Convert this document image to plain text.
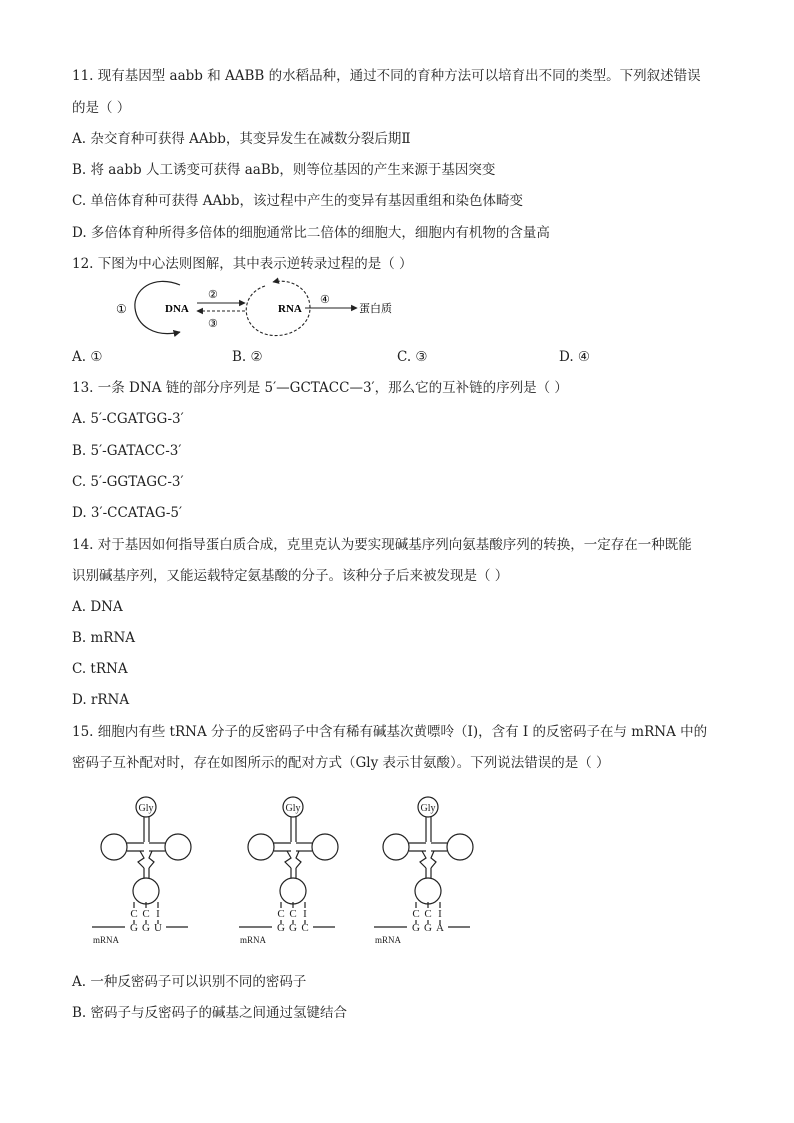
11. 现有基因型 aabb 和 AABB 的水稻品种，通过不同的育种方法可以培育出不同的类型。下列叙述错误
的是（ ）
A. 杂交育种可获得 AAbb，其变异发生在减数分裂后期Ⅱ
B. 将 aabb 人工诱变可获得 aaBb，则等位基因的产生来源于基因突变
C. 单倍体育种可获得 AAbb，该过程中产生的变异有基因重组和染色体畸变
D. 多倍体育种所得多倍体的细胞通常比二倍体的细胞大，细胞内有机物的含量高
12. 下图为中心法则图解，其中表示逆转录过程的是（ ）
①	DNA
②
③
RNA
④
蛋白质
A. ①	B. ②	C. ③	D. ④
13. 一条 DNA 链的部分序列是 5′—GCTACC—3′，那么它的互补链的序列是（ ）
A. 5′-CGATGG-3′
B. 5′-GATACC-3′
C. 5′-GGTAGC-3′
D. 3′-CCATAG-5′
14. 对于基因如何指导蛋白质合成，克里克认为要实现碱基序列向氨基酸序列的转换，一定存在一种既能
识别碱基序列，又能运载特定氨基酸的分子。该种分子后来被发现是（ ）
A. DNA
B. mRNA
C. tRNA
D. rRNA
15. 细胞内有些 tRNA 分子的反密码子中含有稀有碱基次黄嘌呤（I)，含有 I 的反密码子在与 mRNA 中的
密码子互补配对时，存在如图所示的配对方式（Gly 表示甘氨酸）。下列说法错误的是（ ）
Gly
C C I
G G U
mRNA
Gly
C C I
G G C
mRNA
Gly
C C I
G G A
mRNA
A. 一种反密码子可以识别不同的密码子
B. 密码子与反密码子的碱基之间通过氢键结合
